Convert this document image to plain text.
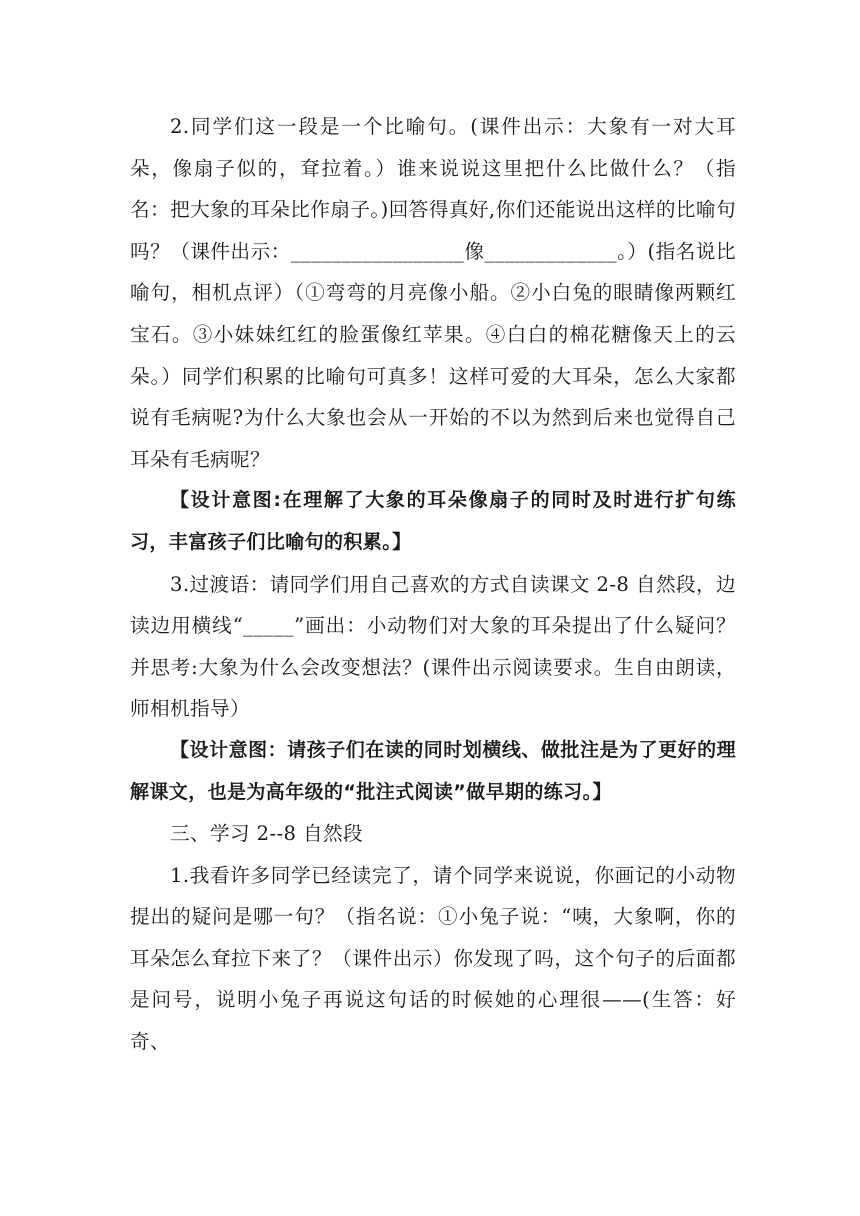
2.同学们这一段是一个比喻句。(课件出示：大象有一对大耳朵，像扇子似的，耷拉着。）谁来说说这里把什么比做什么？（指名：把大象的耳朵比作扇子。)回答得真好,你们还能说出这样的比喻句吗？（课件出示：_________________像_____________。）(指名说比喻句，相机点评）（①弯弯的月亮像小船。②小白兔的眼睛像两颗红宝石。③小妹妹红红的脸蛋像红苹果。④白白的棉花糖像天上的云朵。）同学们积累的比喻句可真多！这样可爱的大耳朵，怎么大家都说有毛病呢?为什么大象也会从一开始的不以为然到后来也觉得自己耳朵有毛病呢？

【设计意图:在理解了大象的耳朵像扇子的同时及时进行扩句练习，丰富孩子们比喻句的积累。】

3.过渡语：请同学们用自己喜欢的方式自读课文 2-8 自然段，边读边用横线“_____”画出：小动物们对大象的耳朵提出了什么疑问？并思考:大象为什么会改变想法？(课件出示阅读要求。生自由朗读，师相机指导）

【设计意图：请孩子们在读的同时划横线、做批注是为了更好的理解课文，也是为高年级的“批注式阅读”做早期的练习。】

三、学习 2--8 自然段

1.我看许多同学已经读完了，请个同学来说说，你画记的小动物提出的疑问是哪一句？（指名说：①小兔子说：“咦，大象啊，你的耳朵怎么耷拉下来了？（课件出示）你发现了吗，这个句子的后面都是问号，说明小兔子再说这句话的时候她的心理很——(生答：好奇、
